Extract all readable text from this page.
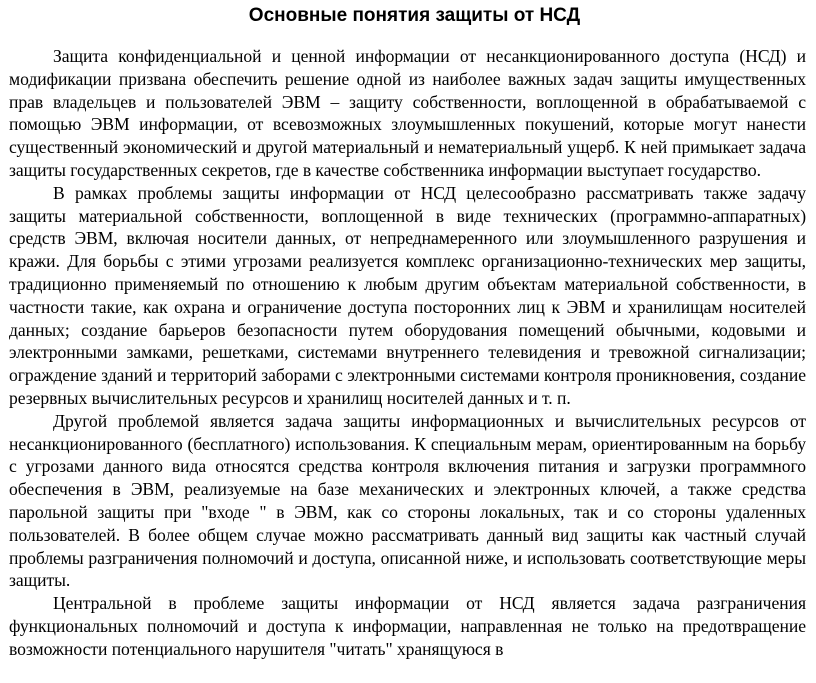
Основные понятия защиты от НСД

Защита конфиденциальной и ценной информации от несанкционированного доступа (НСД) и модификации призвана обеспечить решение одной из наиболее важных задач защиты имущественных прав владельцев и пользователей ЭВМ – защиту собственности, воплощенной в обрабатываемой с помощью ЭВМ информации, от всевозможных злоумышленных покушений, которые могут нанести существенный экономический и другой материальный и нематериальный ущерб. К ней примыкает задача защиты государственных секретов, где в качестве собственника информации выступает государство.

В рамках проблемы защиты информации от НСД целесообразно рассматривать также задачу защиты материальной собственности, воплощенной в виде технических (программно-аппаратных) средств ЭВМ, включая носители данных, от непреднамеренного или злоумышленного разрушения и кражи. Для борьбы с этими угрозами реализуется комплекс организационно-технических мер защиты, традиционно применяемый по отношению к любым другим объектам материальной собственности, в частности такие, как охрана и ограничение доступа посторонних лиц к ЭВМ и хранилищам носителей данных; создание барьеров безопасности путем оборудования помещений обычными, кодовыми и электронными замками, решетками, системами внутреннего телевидения и тревожной сигнализации; ограждение зданий и территорий заборами с электронными системами контроля проникновения, создание резервных вычислительных ресурсов и хранилищ носителей данных и т. п.

Другой проблемой является задача защиты информационных и вычислительных ресурсов от несанкционированного (бесплатного) использования. К специальным мерам, ориентированным на борьбу с угрозами данного вида относятся средства контроля включения питания и загрузки программного обеспечения в ЭВМ, реализуемые на базе механических и электронных ключей, а также средства парольной защиты при "входе " в ЭВМ, как со стороны локальных, так и со стороны удаленных пользователей. В более общем случае можно рассматривать данный вид защиты как частный случай проблемы разграничения полномочий и доступа, описанной ниже, и использовать соответствующие меры защиты.

Центральной в проблеме защиты информации от НСД является задача разграничения функциональных полномочий и доступа к информации, направленная не только на предотвращение возможности потенциального нарушителя "читать" хранящуюся в
